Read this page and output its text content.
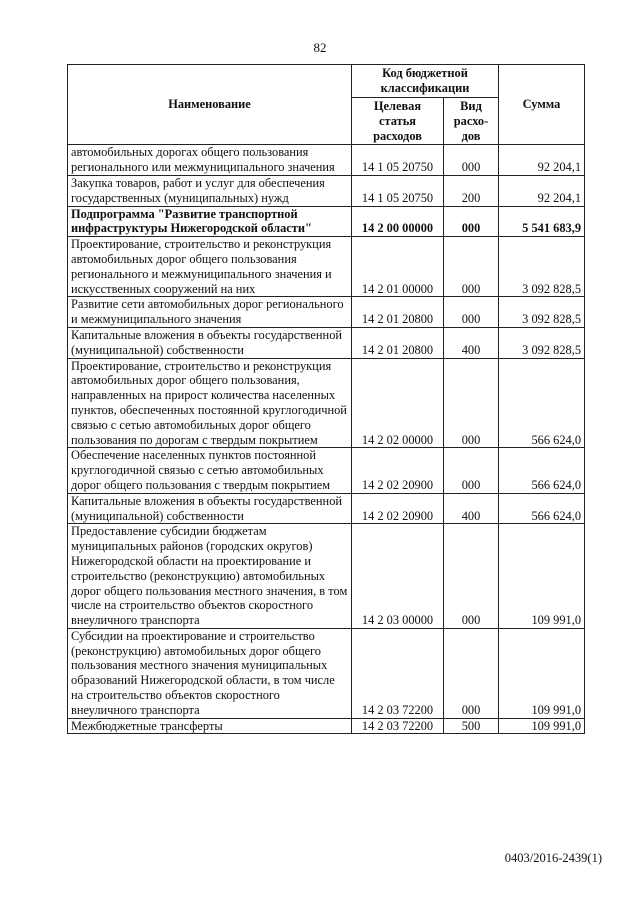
82
Наименование	Код бюджетной классификации		Сумма
	Целевая статья расходов	Вид расхо-дов	
автомобильных дорогах общего пользования регионального или межмуниципального значения	14 1 05 20750	000	92 204,1
Закупка товаров, работ и услуг для обеспечения государственных (муниципальных) нужд	14 1 05 20750	200	92 204,1
Подпрограмма "Развитие транспортной инфраструктуры Нижегородской области"	14 2 00 00000	000	5 541 683,9
Проектирование, строительство и реконструкция автомобильных дорог общего пользования регионального и межмуниципального значения и искусственных сооружений на них	14 2 01 00000	000	3 092 828,5
Развитие сети автомобильных дорог регионального и межмуниципального значения	14 2 01 20800	000	3 092 828,5
Капитальные вложения в объекты государственной (муниципальной) собственности	14 2 01 20800	400	3 092 828,5
Проектирование, строительство и реконструкция автомобильных дорог общего пользования, направленных на прирост количества населенных пунктов, обеспеченных постоянной круглогодичной связью с сетью автомобильных дорог общего пользования по дорогам с твердым покрытием	14 2 02 00000	000	566 624,0
Обеспечение населенных пунктов постоянной круглогодичной связью с сетью автомобильных дорог общего пользования с твердым покрытием	14 2 02 20900	000	566 624,0
Капитальные вложения в объекты государственной (муниципальной) собственности	14 2 02 20900	400	566 624,0
Предоставление субсидии бюджетам муниципальных районов (городских округов) Нижегородской области на проектирование и строительство (реконструкцию) автомобильных дорог общего пользования местного значения, в том числе на строительство объектов скоростного внеуличного транспорта	14 2 03 00000	000	109 991,0
Субсидии на проектирование и строительство (реконструкцию) автомобильных дорог общего пользования местного значения муниципальных образований Нижегородской области, в том числе на строительство объектов скоростного внеуличного транспорта	14 2 03 72200	000	109 991,0
Межбюджетные трансферты	14 2 03 72200	500	109 991,0
0403/2016-2439(1)
